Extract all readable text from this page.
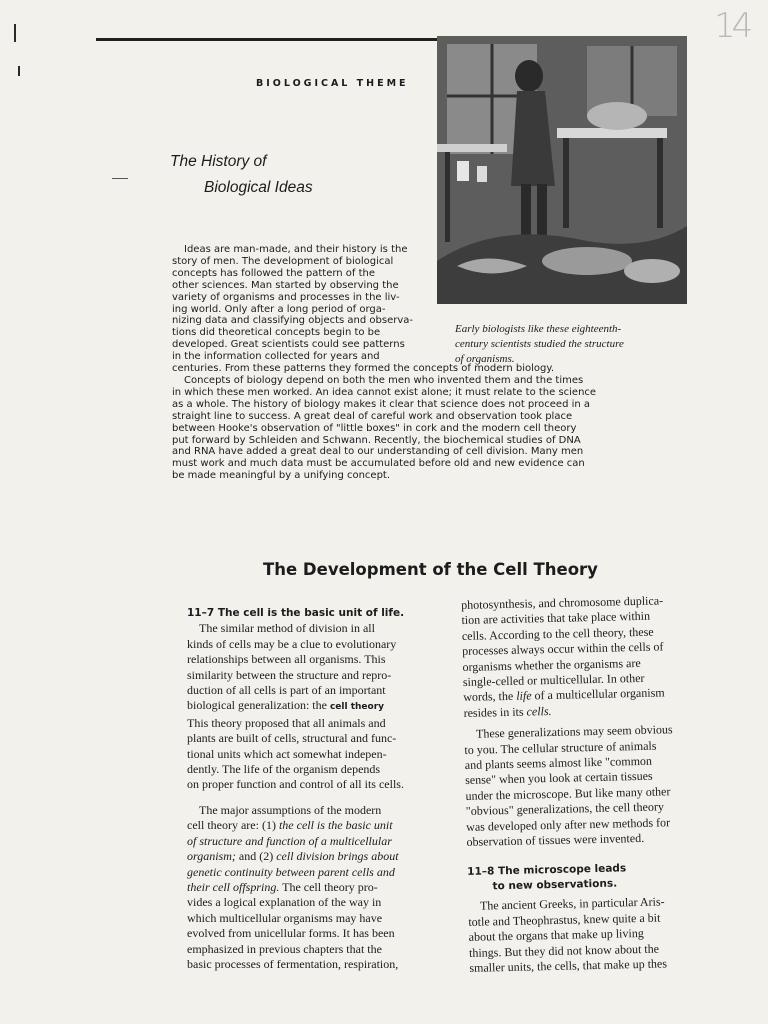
14
BIOLOGICAL THEME
The History of
Biological Ideas
Early biologists like these eighteenth-
century scientists studied the structure
of organisms.
Ideas are man-made, and their history is the
story of men. The development of biological
concepts has followed the pattern of the
other sciences. Man started by observing the
variety of organisms and processes in the liv-
ing world. Only after a long period of orga-
nizing data and classifying objects and observa-
tions did theoretical concepts begin to be
developed. Great scientists could see patterns
in the information collected for years and
centuries. From these patterns they formed the concepts of modern biology.
Concepts of biology depend on both the men who invented them and the times
in which these men worked. An idea cannot exist alone; it must relate to the science
as a whole. The history of biology makes it clear that science does not proceed in a
straight line to success. A great deal of careful work and observation took place
between Hooke's observation of "little boxes" in cork and the modern cell theory
put forward by Schleiden and Schwann. Recently, the biochemical studies of DNA
and RNA have added a great deal to our understanding of cell division. Many men
must work and much data must be accumulated before old and new evidence can
be made meaningful by a unifying concept.
The Development of the Cell Theory
11–7 The cell is the basic unit of life.
The similar method of division in all
kinds of cells may be a clue to evolutionary
relationships between all organisms. This
similarity between the structure and repro-
duction of all cells is part of an important
biological generalization: the cell theory
This theory proposed that all animals and
plants are built of cells, structural and func-
tional units which act somewhat indepen-
dently. The life of the organism depends
on proper function and control of all its cells.
The major assumptions of the modern
cell theory are: (1) the cell is the basic unit
of structure and function of a multicellular
organism; and (2) cell division brings about
genetic continuity between parent cells and
their cell offspring. The cell theory pro-
vides a logical explanation of the way in
which multicellular organisms may have
evolved from unicellular forms. It has been
emphasized in previous chapters that the
basic processes of fermentation, respiration,
photosynthesis, and chromosome duplica-
tion are activities that take place within
cells. According to the cell theory, these
processes always occur within the cells of
organisms whether the organisms are
single-celled or multicellular. In other
words, the life of a multicellular organism
resides in its cells.
These generalizations may seem obvious
to you. The cellular structure of animals
and plants seems almost like "common
sense" when you look at certain tissues
under the microscope. But like many other
"obvious" generalizations, the cell theory
was developed only after new methods for
observation of tissues were invented.
11–8 The microscope leads
to new observations.
The ancient Greeks, in particular Aris-
totle and Theophrastus, knew quite a bit
about the organs that make up living
things. But they did not know about the
smaller units, the cells, that make up thes
